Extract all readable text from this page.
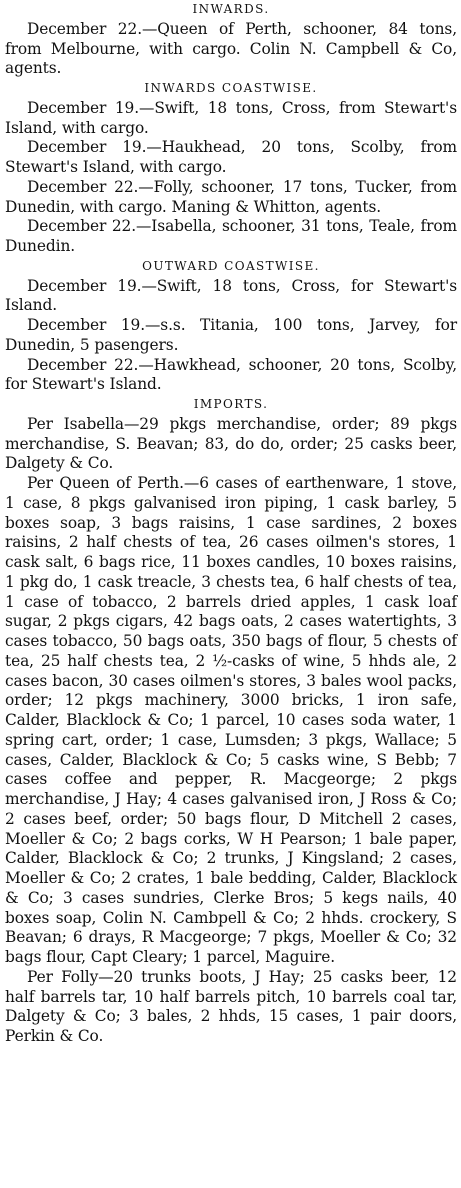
INWARDS.

December 22.—Queen of Perth, schooner, 84 tons, from Melbourne, with cargo. Colin N. Campbell & Co, agents.

INWARDS COASTWISE.

December 19.—Swift, 18 tons, Cross, from Stewart's Island, with cargo.

December 19.—Haukhead, 20 tons, Scolby, from Stewart's Island, with cargo.

December 22.—Folly, schooner, 17 tons, Tucker, from Dunedin, with cargo. Maning & Whitton, agents.

December 22.—Isabella, schooner, 31 tons, Teale, from Dunedin.

OUTWARD COASTWISE.

December 19.—Swift, 18 tons, Cross, for Stewart's Island.

December 19.—s.s. Titania, 100 tons, Jarvey, for Dunedin, 5 pasengers.

December 22.—Hawkhead, schooner, 20 tons, Scolby, for Stewart's Island.

IMPORTS.

Per Isabella—29 pkgs merchandise, order; 89 pkgs merchandise, S. Beavan; 83, do do, order; 25 casks beer, Dalgety & Co.

Per Queen of Perth.—6 cases of earthenware, 1 stove, 1 case, 8 pkgs galvanised iron piping, 1 cask barley, 5 boxes soap, 3 bags raisins, 1 case sardines, 2 boxes raisins, 2 half chests of tea, 26 cases oilmen's stores, 1 cask salt, 6 bags rice, 11 boxes candles, 10 boxes raisins, 1 pkg do, 1 cask treacle, 3 chests tea, 6 half chests of tea, 1 case of tobacco, 2 barrels dried apples, 1 cask loaf sugar, 2 pkgs cigars, 42 bags oats, 2 cases watertights, 3 cases tobacco, 50 bags oats, 350 bags of flour, 5 chests of tea, 25 half chests tea, 2 ½-casks of wine, 5 hhds ale, 2 cases bacon, 30 cases oilmen's stores, 3 bales wool packs, order; 12 pkgs machinery, 3000 bricks, 1 iron safe, Calder, Blacklock & Co; 1 parcel, 10 cases soda water, 1 spring cart, order; 1 case, Lumsden; 3 pkgs, Wallace; 5 cases, Calder, Blacklock & Co; 5 casks wine, S Bebb; 7 cases coffee and pepper, R. Macgeorge; 2 pkgs merchandise, J Hay; 4 cases galvanised iron, J Ross & Co; 2 cases beef, order; 50 bags flour, D Mitchell 2 cases, Moeller & Co; 2 bags corks, W H Pearson; 1 bale paper, Calder, Blacklock & Co; 2 trunks, J Kingsland; 2 cases, Moeller & Co; 2 crates, 1 bale bedding, Calder, Blacklock & Co; 3 cases sundries, Clerke Bros; 5 kegs nails, 40 boxes soap, Colin N. Cambpell & Co; 2 hhds. crockery, S Beavan; 6 drays, R Macgeorge; 7 pkgs, Moeller & Co; 32 bags flour, Capt Cleary; 1 parcel, Maguire.

Per Folly—20 trunks boots, J Hay; 25 casks beer, 12 half barrels tar, 10 half barrels pitch, 10 barrels coal tar, Dalgety & Co; 3 bales, 2 hhds, 15 cases, 1 pair doors, Perkin & Co.
